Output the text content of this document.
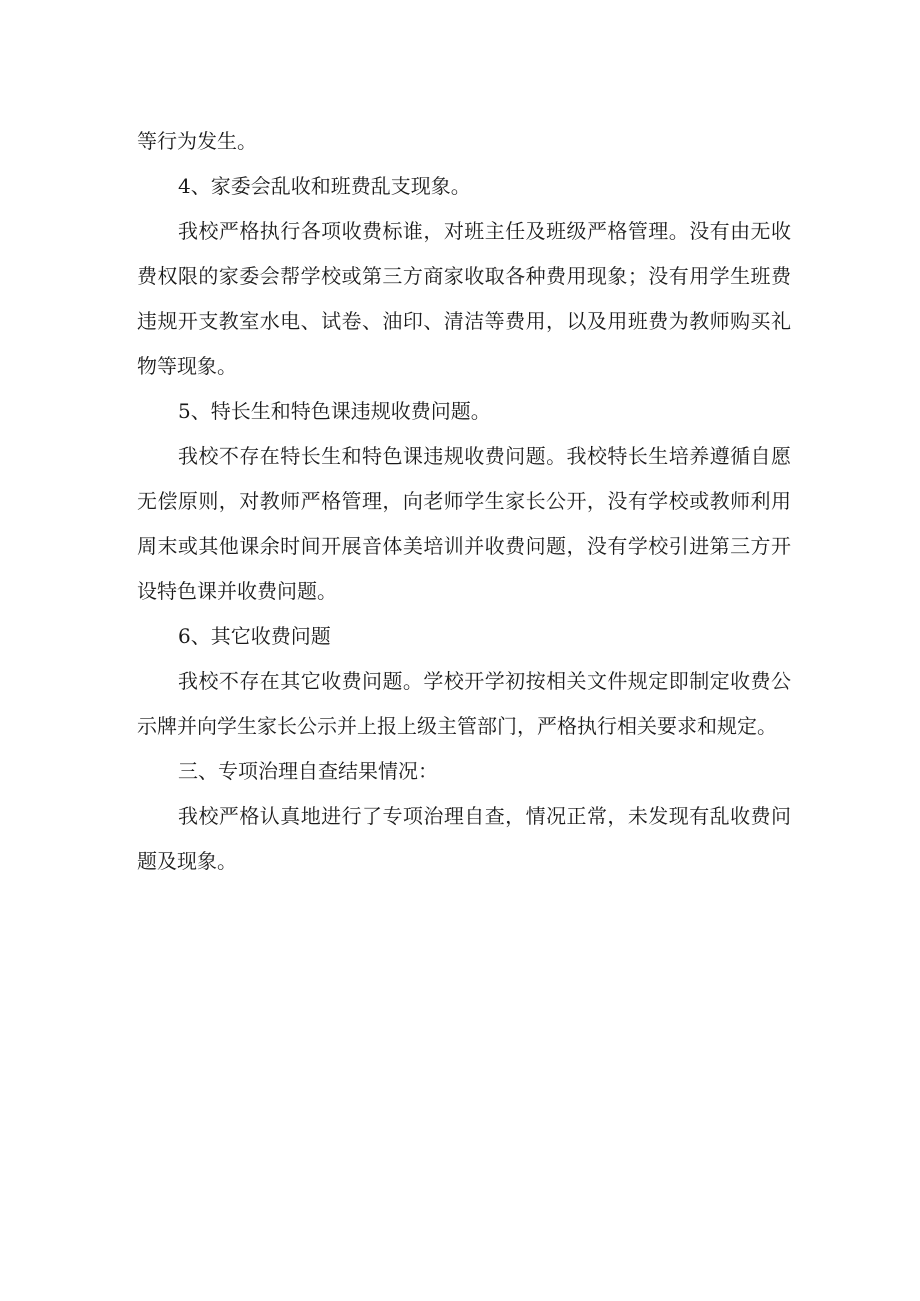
等行为发生。

4、家委会乱收和班费乱支现象。

我校严格执行各项收费标谁，对班主任及班级严格管理。没有由无收费权限的家委会帮学校或第三方商家收取各种费用现象；没有用学生班费违规开支教室水电、试卷、油印、清洁等费用，以及用班费为教师购买礼物等现象。

5、特长生和特色课违规收费问题。

我校不存在特长生和特色课违规收费问题。我校特长生培养遵循自愿无偿原则，对教师严格管理，向老师学生家长公开，没有学校或教师利用周末或其他课余时间开展音体美培训并收费问题，没有学校引进第三方开设特色课并收费问题。

6、其它收费问题

我校不存在其它收费问题。学校开学初按相关文件规定即制定收费公示牌并向学生家长公示并上报上级主管部门，严格执行相关要求和规定。

三、专项治理自查结果情况：

我校严格认真地进行了专项治理自查，情况正常，未发现有乱收费问题及现象。
